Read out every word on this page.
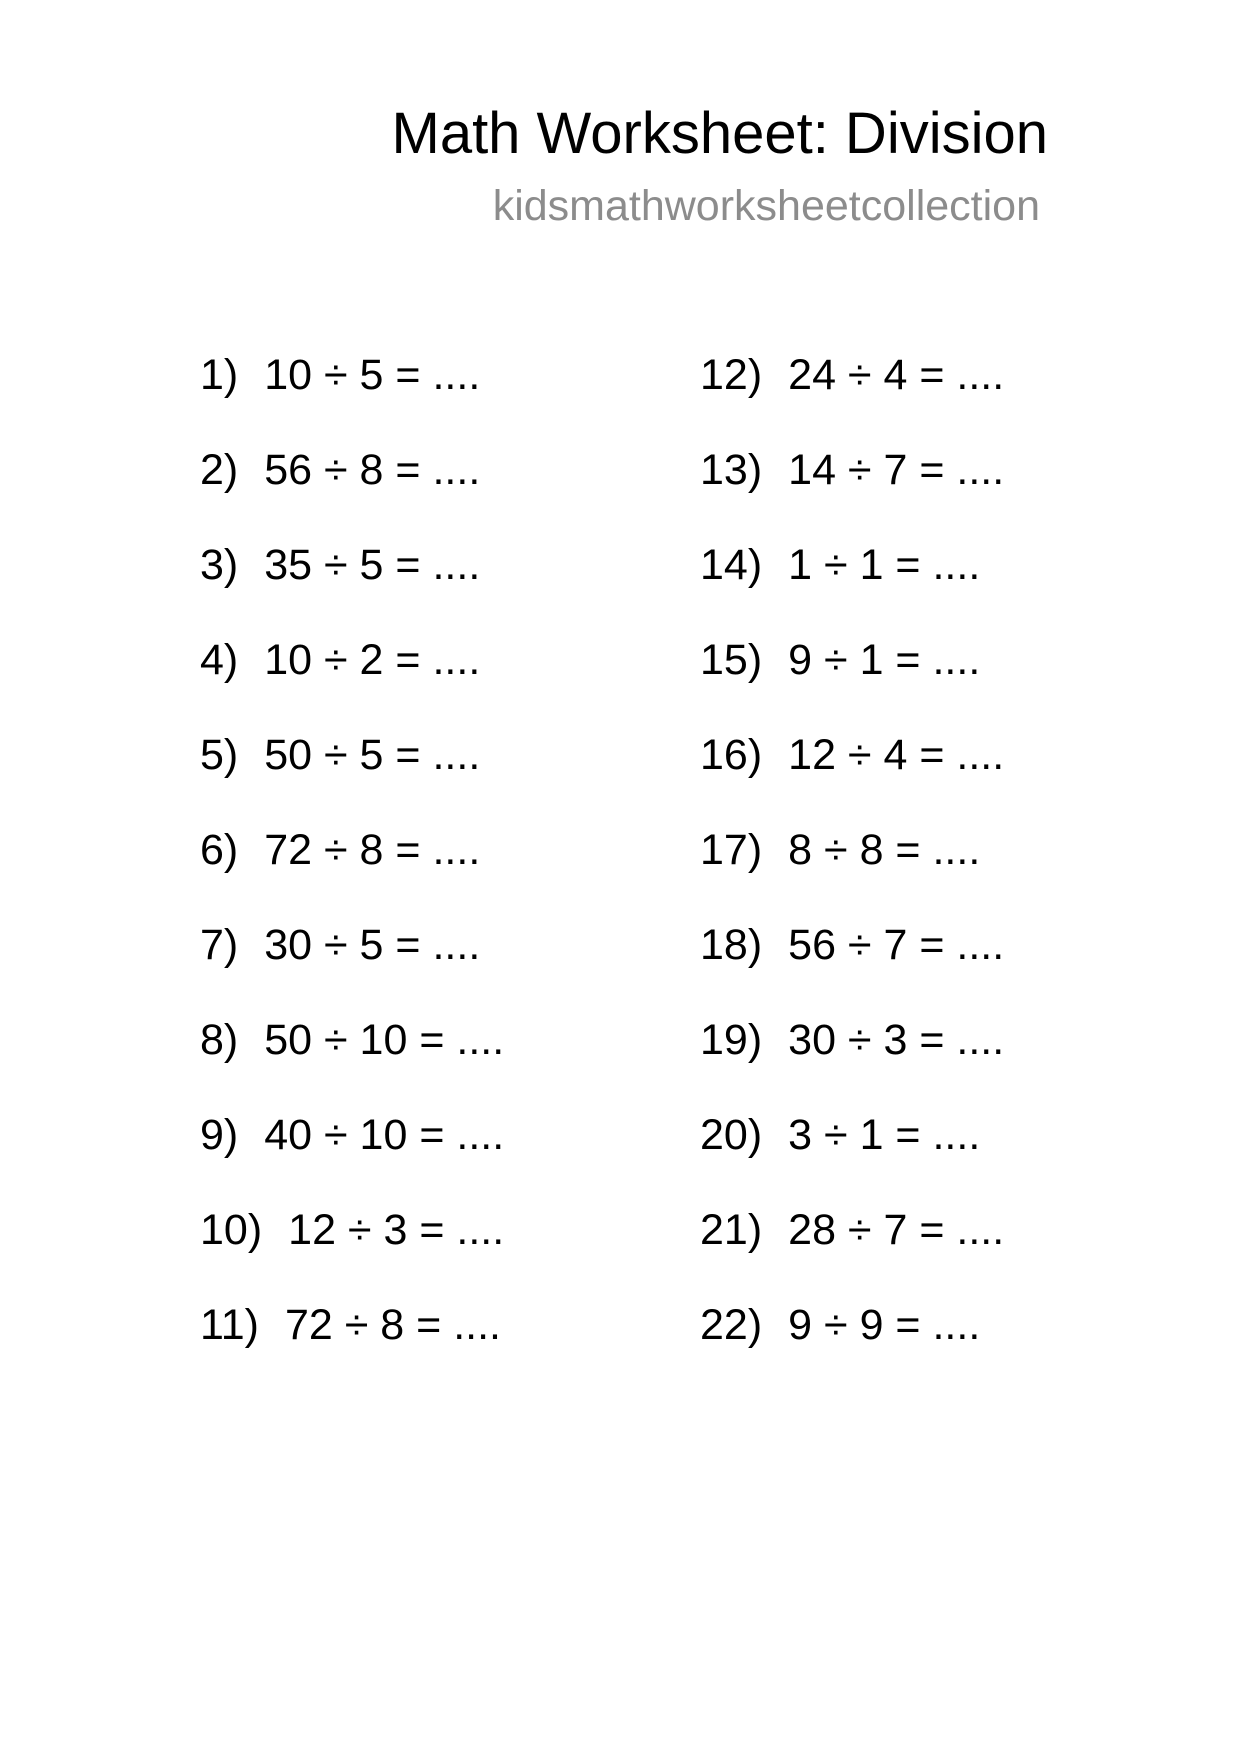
Math Worksheet: Division
kidsmathworksheetcollection
1) 10 ÷ 5 = ....
2) 56 ÷ 8 = ....
3) 35 ÷ 5 = ....
4) 10 ÷ 2 = ....
5) 50 ÷ 5 = ....
6) 72 ÷ 8 = ....
7) 30 ÷ 5 = ....
8) 50 ÷ 10 = ....
9) 40 ÷ 10 = ....
10) 12 ÷ 3 = ....
11) 72 ÷ 8 = ....
12) 24 ÷ 4 = ....
13) 14 ÷ 7 = ....
14) 1 ÷ 1 = ....
15) 9 ÷ 1 = ....
16) 12 ÷ 4 = ....
17) 8 ÷ 8 = ....
18) 56 ÷ 7 = ....
19) 30 ÷ 3 = ....
20) 3 ÷ 1 = ....
21) 28 ÷ 7 = ....
22) 9 ÷ 9 = ....
